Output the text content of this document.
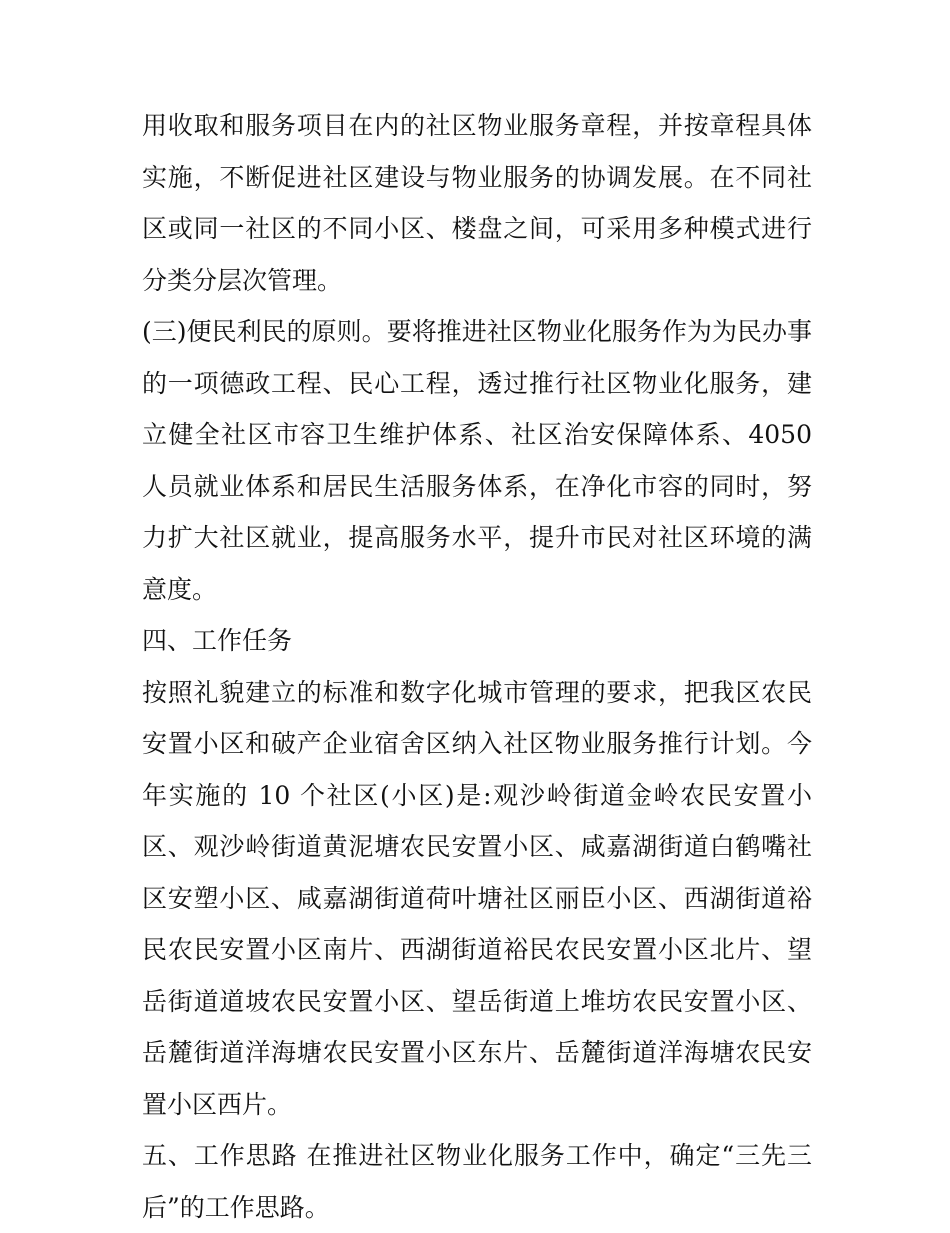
用收取和服务项目在内的社区物业服务章程，并按章程具体实施，不断促进社区建设与物业服务的协调发展。在不同社区或同一社区的不同小区、楼盘之间，可采用多种模式进行分类分层次管理。

(三)便民利民的原则。要将推进社区物业化服务作为为民办事的一项德政工程、民心工程，透过推行社区物业化服务，建立健全社区市容卫生维护体系、社区治安保障体系、4050 人员就业体系和居民生活服务体系，在净化市容的同时，努力扩大社区就业，提高服务水平，提升市民对社区环境的满意度。

四、工作任务

按照礼貌建立的标准和数字化城市管理的要求，把我区农民安置小区和破产企业宿舍区纳入社区物业服务推行计划。今年实施的 10 个社区(小区)是:观沙岭街道金岭农民安置小区、观沙岭街道黄泥塘农民安置小区、咸嘉湖街道白鹤嘴社区安塑小区、咸嘉湖街道荷叶塘社区丽臣小区、西湖街道裕民农民安置小区南片、西湖街道裕民农民安置小区北片、望岳街道道坡农民安置小区、望岳街道上堆坊农民安置小区、岳麓街道洋海塘农民安置小区东片、岳麓街道洋海塘农民安置小区西片。

五、工作思路 在推进社区物业化服务工作中，确定“三先三后”的工作思路。
